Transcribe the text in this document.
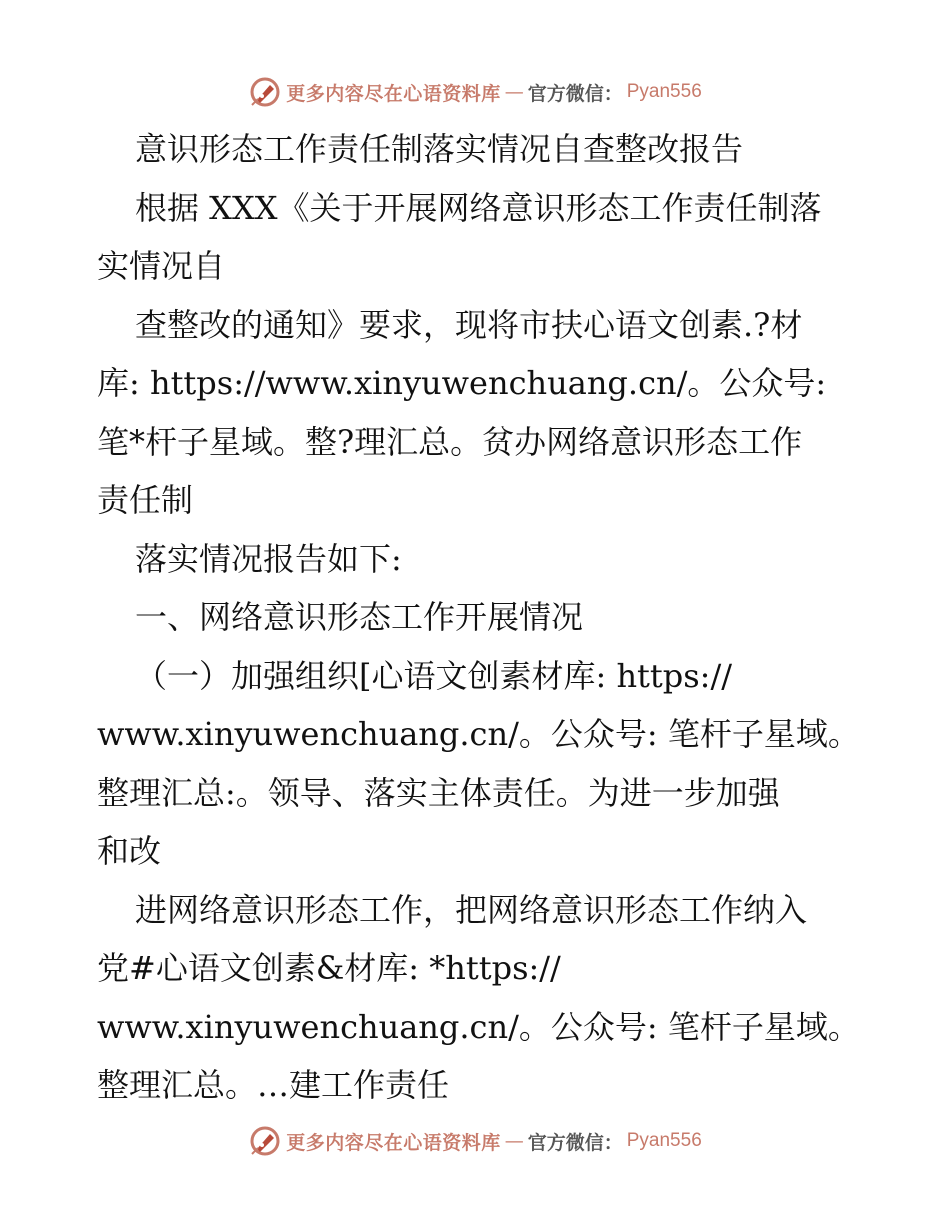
更多内容尽在心语资料库 — 官方微信： Pyan556
意识形态工作责任制落实情况自查整改报告
根据 XXX《关于开展网络意识形态工作责任制落
实情况自
查整改的通知》要求，现将市扶心语文创素.?材
库: https://www.xinyuwenchuang.cn/。公众号:
笔*杆子星域。整?理汇总。贫办网络意识形态工作
责任制
落实情况报告如下:
一、网络意识形态工作开展情况
（一）加强组织[心语文创素材库: https://
www.xinyuwenchuang.cn/。公众号: 笔杆子星域。
整理汇总:。领导、落实主体责任。为进一步加强
和改
进网络意识形态工作，把网络意识形态工作纳入
党#心语文创素&材库: *https://
www.xinyuwenchuang.cn/。公众号: 笔杆子星域。
整理汇总。…建工作责任
更多内容尽在心语资料库 — 官方微信： Pyan556
